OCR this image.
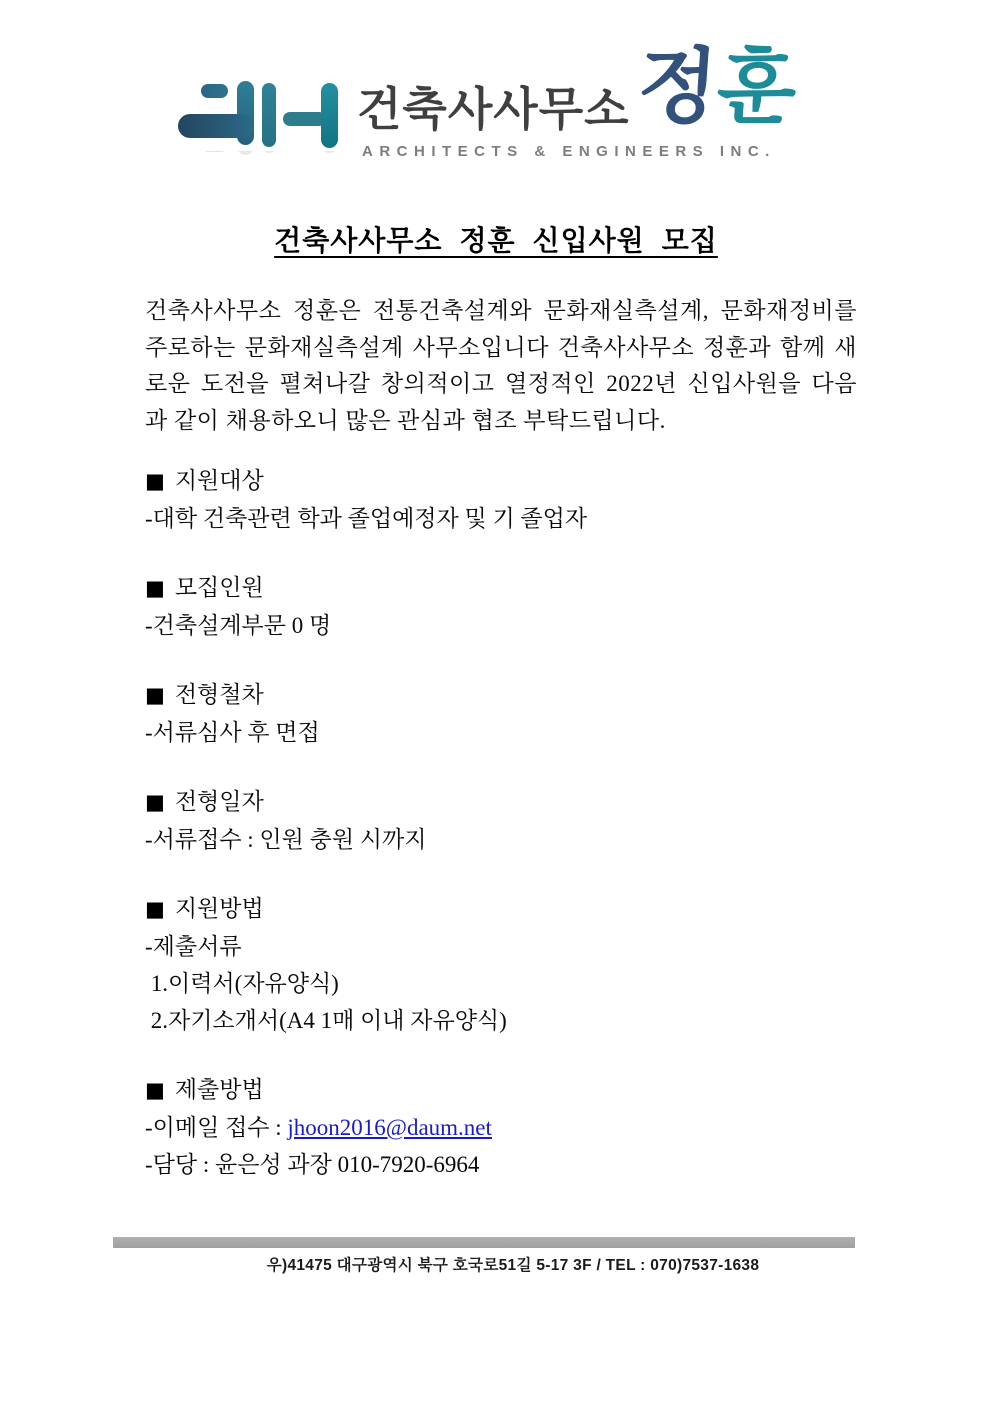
건축사사무소 정훈
ARCHITECTS & ENGINEERS INC.
건축사사무소 정훈 신입사원 모집
건축사사무소 정훈은 전통건축설계와 문화재실측설계, 문화재정비를
주로하는 문화재실측설계 사무소입니다 건축사사무소 정훈과 함께 새
로운 도전을 펼쳐나갈 창의적이고 열정적인 2022년 신입사원을 다음
과 같이 채용하오니 많은 관심과 협조 부탁드립니다.
■ 지원대상
-대학 건축관련 학과 졸업예정자 및 기 졸업자
■ 모집인원
-건축설계부문 0 명
■ 전형철차
-서류심사 후 면접
■ 전형일자
-서류접수 : 인원 충원 시까지
■ 지원방법
-제출서류
1.이력서(자유양식)
2.자기소개서(A4 1매 이내 자유양식)
■ 제출방법
-이메일 접수 : jhoon2016@daum.net
-담당 : 윤은성 과장 010-7920-6964
우)41475 대구광역시 북구 호국로51길 5-17 3F / TEL : 070)7537-1638
